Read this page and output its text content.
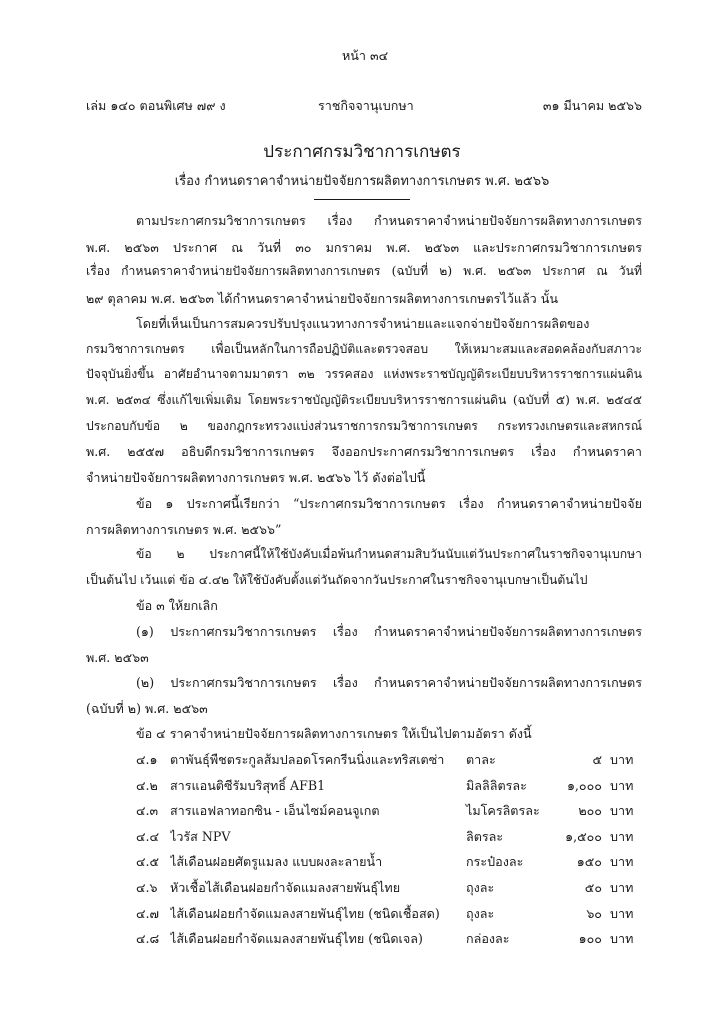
หน้า ๓๔
เล่ม ๑๔๐ ตอนพิเศษ ๗๙ ง	ราชกิจจานุเบกษา	๓๑ มีนาคม ๒๕๖๖
ประกาศกรมวิชาการเกษตร
เรื่อง กำหนดราคาจำหน่ายปัจจัยการผลิตทางการเกษตร พ.ศ. ๒๕๖๖
ตามประกาศกรมวิชาการเกษตร เรื่อง กำหนดราคาจำหน่ายปัจจัยการผลิตทางการเกษตร
พ.ศ. ๒๕๖๓ ประกาศ ณ วันที่ ๓๐ มกราคม พ.ศ. ๒๕๖๓ และประกาศกรมวิชาการเกษตร
เรื่อง กำหนดราคาจำหน่ายปัจจัยการผลิตทางการเกษตร (ฉบับที่ ๒) พ.ศ. ๒๕๖๓ ประกาศ ณ วันที่
๒๙ ตุลาคม พ.ศ. ๒๕๖๓ ได้กำหนดราคาจำหน่ายปัจจัยการผลิตทางการเกษตรไว้แล้ว นั้น
โดยที่เห็นเป็นการสมควรปรับปรุงแนวทางการจำหน่ายและแจกจ่ายปัจจัยการผลิตของ
กรมวิชาการเกษตร เพื่อเป็นหลักในการถือปฏิบัติและตรวจสอบ ให้เหมาะสมและสอดคล้องกับสภาวะ
ปัจจุบันยิ่งขึ้น อาศัยอำนาจตามมาตรา ๓๒ วรรคสอง แห่งพระราชบัญญัติระเบียบบริหารราชการแผ่นดิน
พ.ศ. ๒๕๓๔ ซึ่งแก้ไขเพิ่มเติม โดยพระราชบัญญัติระเบียบบริหารราชการแผ่นดิน (ฉบับที่ ๕) พ.ศ. ๒๕๔๕
ประกอบกับข้อ ๒ ของกฎกระทรวงแบ่งส่วนราชการกรมวิชาการเกษตร กระทรวงเกษตรและสหกรณ์
พ.ศ. ๒๕๕๗ อธิบดีกรมวิชาการเกษตร จึงออกประกาศกรมวิชาการเกษตร เรื่อง กำหนดราคา
จำหน่ายปัจจัยการผลิตทางการเกษตร พ.ศ. ๒๕๖๖ ไว้ ดังต่อไปนี้
ข้อ ๑ ประกาศนี้เรียกว่า “ประกาศกรมวิชาการเกษตร เรื่อง กำหนดราคาจำหน่ายปัจจัย
การผลิตทางการเกษตร พ.ศ. ๒๕๖๖”
ข้อ ๒ ประกาศนี้ให้ใช้บังคับเมื่อพ้นกำหนดสามสิบวันนับแต่วันประกาศในราชกิจจานุเบกษา
เป็นต้นไป เว้นแต่ ข้อ ๔.๔๒ ให้ใช้บังคับตั้งแต่วันถัดจากวันประกาศในราชกิจจานุเบกษาเป็นต้นไป
ข้อ ๓ ให้ยกเลิก
(๑) ประกาศกรมวิชาการเกษตร เรื่อง กำหนดราคาจำหน่ายปัจจัยการผลิตทางการเกษตร
พ.ศ. ๒๕๖๓
(๒) ประกาศกรมวิชาการเกษตร เรื่อง กำหนดราคาจำหน่ายปัจจัยการผลิตทางการเกษตร
(ฉบับที่ ๒) พ.ศ. ๒๕๖๓
ข้อ ๔ ราคาจำหน่ายปัจจัยการผลิตทางการเกษตร ให้เป็นไปตามอัตรา ดังนี้
๔.๑ ตาพันธุ์พืชตระกูลส้มปลอดโรคกรีนนิ่งและทริสเตซ่า	ตาละ	๕ บาท
๔.๒ สารแอนติซีรัมบริสุทธิ์ AFB1	มิลลิลิตรละ	๑,๐๐๐ บาท
๔.๓ สารแอฟลาทอกซิน - เอ็นไซม์คอนจูเกต	ไมโครลิตรละ	๒๐๐ บาท
๔.๔ ไวรัส NPV	ลิตรละ	๑,๕๐๐ บาท
๔.๕ ไส้เดือนฝอยศัตรูแมลง แบบผงละลายน้ำ	กระป๋องละ	๑๕๐ บาท
๔.๖ หัวเชื้อไส้เดือนฝอยกำจัดแมลงสายพันธุ์ไทย	ถุงละ	๕๐ บาท
๔.๗ ไส้เดือนฝอยกำจัดแมลงสายพันธุ์ไทย (ชนิดเชื้อสด)	ถุงละ	๖๐ บาท
๔.๘ ไส้เดือนฝอยกำจัดแมลงสายพันธุ์ไทย (ชนิดเจล)	กล่องละ	๑๐๐ บาท
